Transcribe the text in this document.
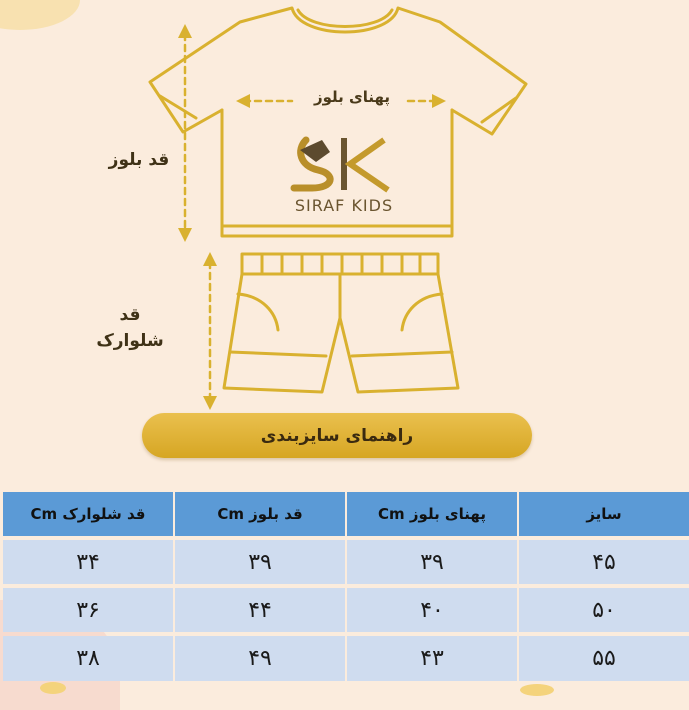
SIRAF KIDS
پهنای بلوز
قد بلوز
قد
شلوارک
راهنمای سایزبندی
قد شلوارک Cm	قد بلوز Cm	پهنای بلوز Cm	سایز
۳۴	۳۹	۳۹	۴۵
۳۶	۴۴	۴۰	۵۰
۳۸	۴۹	۴۳	۵۵
